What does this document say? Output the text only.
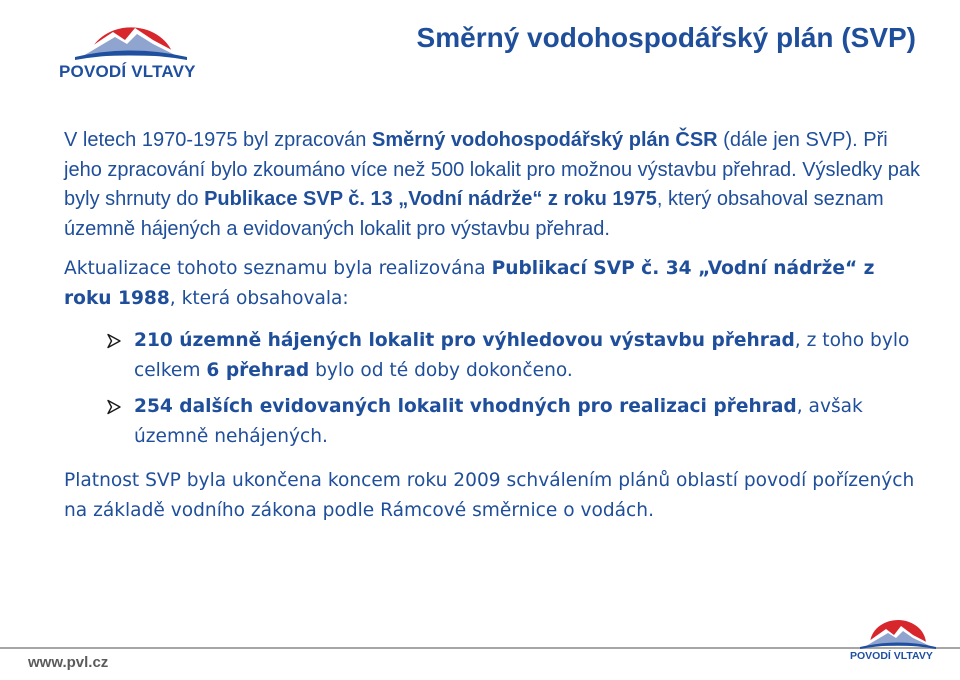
POVODÍ VLTAVY
Směrný vodohospodářský plán (SVP)

V letech 1970-1975 byl zpracován Směrný vodohospodářský plán ČSR (dále jen SVP). Při jeho zpracování bylo zkoumáno více než 500 lokalit pro možnou výstavbu přehrad. Výsledky pak byly shrnuty do Publikace SVP č. 13 „Vodní nádrže“ z roku 1975, který obsahoval seznam územně hájených a evidovaných lokalit pro výstavbu přehrad.

Aktualizace tohoto seznamu byla realizována Publikací SVP č. 34 „Vodní nádrže“ z roku 1988, která obsahovala:

210 územně hájených lokalit pro výhledovou výstavbu přehrad, z toho bylo celkem 6 přehrad bylo od té doby dokončeno.
254 dalších evidovaných lokalit vhodných pro realizaci přehrad, avšak územně nehájených.

Platnost SVP byla ukončena koncem roku 2009 schválením plánů oblastí povodí pořízených na základě vodního zákona podle Rámcové směrnice o vodách.

www.pvl.cz	POVODÍ VLTAVY
